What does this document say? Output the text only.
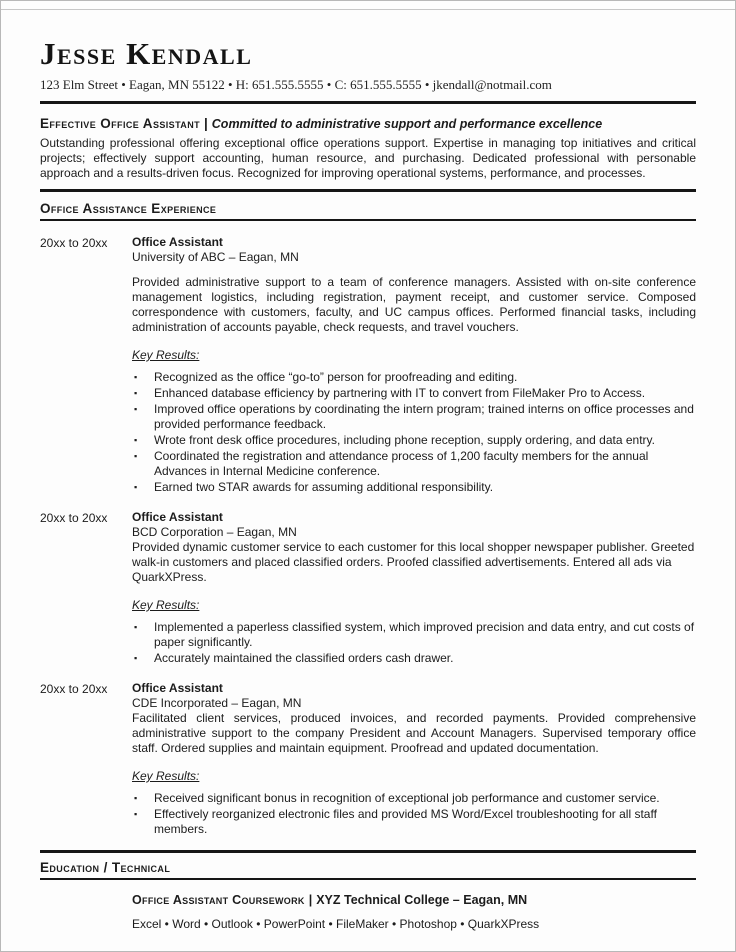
Jesse Kendall
123 Elm Street • Eagan, MN 55122 • H: 651.555.5555 • C: 651.555.5555 • jkendall@notmail.com
Effective Office Assistant | Committed to administrative support and performance excellence

Outstanding professional offering exceptional office operations support. Expertise in managing top initiatives and critical projects; effectively support accounting, human resource, and purchasing. Dedicated professional with personable approach and a results-driven focus. Recognized for improving operational systems, performance, and processes.

Office Assistance Experience
20xx to 20xx	Office Assistant
University of ABC – Eagan, MN

Provided administrative support to a team of conference managers. Assisted with on-site conference management logistics, including registration, payment receipt, and customer service. Composed correspondence with customers, faculty, and UC campus offices. Performed financial tasks, including administration of accounts payable, check requests, and travel vouchers.

Key Results:
▪ Recognized as the office “go-to” person for proofreading and editing.
▪ Enhanced database efficiency by partnering with IT to convert from FileMaker Pro to Access.
▪ Improved office operations by coordinating the intern program; trained interns on office processes and provided performance feedback.
▪ Wrote front desk office procedures, including phone reception, supply ordering, and data entry.
▪ Coordinated the registration and attendance process of 1,200 faculty members for the annual Advances in Internal Medicine conference.
▪ Earned two STAR awards for assuming additional responsibility.
20xx to 20xx	Office Assistant
BCD Corporation – Eagan, MN

Provided dynamic customer service to each customer for this local shopper newspaper publisher. Greeted walk-in customers and placed classified orders. Proofed classified advertisements. Entered all ads via QuarkXPress.

Key Results:
▪ Implemented a paperless classified system, which improved precision and data entry, and cut costs of paper significantly.
▪ Accurately maintained the classified orders cash drawer.
20xx to 20xx	Office Assistant
CDE Incorporated – Eagan, MN

Facilitated client services, produced invoices, and recorded payments. Provided comprehensive administrative support to the company President and Account Managers. Supervised temporary office staff. Ordered supplies and maintain equipment. Proofread and updated documentation.

Key Results:
▪ Received significant bonus in recognition of exceptional job performance and customer service.
▪ Effectively reorganized electronic files and provided MS Word/Excel troubleshooting for all staff members.
Education / Technical
Office Assistant Coursework | XYZ Technical College – Eagan, MN
Excel • Word • Outlook • PowerPoint • FileMaker • Photoshop • QuarkXPress
